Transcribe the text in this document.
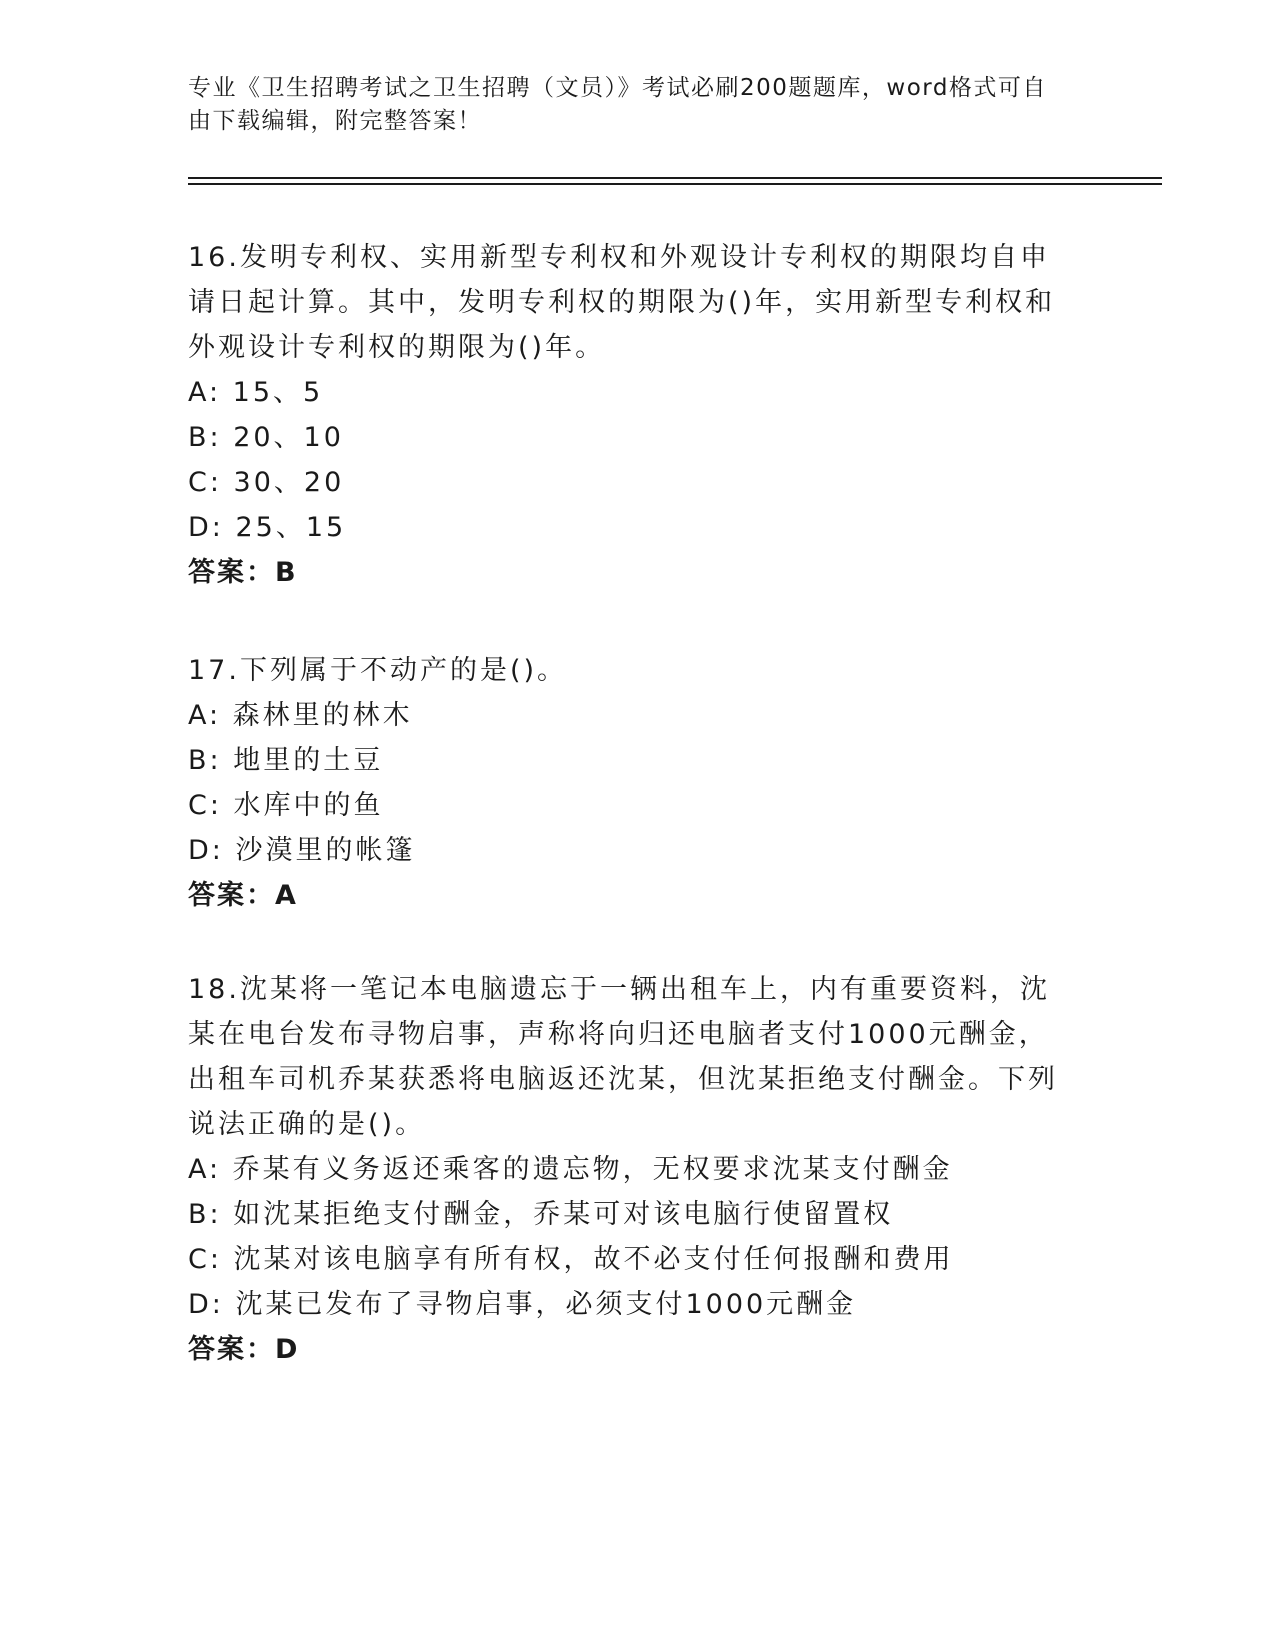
专业《卫生招聘考试之卫生招聘（文员）》考试必刷200题题库，word格式可自
由下载编辑，附完整答案！

16.发明专利权、实用新型专利权和外观设计专利权的期限均自申请日起计算。其中，发明专利权的期限为()年，实用新型专利权和外观设计专利权的期限为()年。

A: 15、5

B: 20、10

C: 30、20

D: 25、15

答案：B

17.下列属于不动产的是()。

A: 森林里的林木

B: 地里的土豆

C: 水库中的鱼

D: 沙漠里的帐篷

答案：A

18.沈某将一笔记本电脑遗忘于一辆出租车上，内有重要资料，沈某在电台发布寻物启事，声称将向归还电脑者支付1000元酬金，出租车司机乔某获悉将电脑返还沈某，但沈某拒绝支付酬金。下列说法正确的是()。

A: 乔某有义务返还乘客的遗忘物，无权要求沈某支付酬金

B: 如沈某拒绝支付酬金，乔某可对该电脑行使留置权

C: 沈某对该电脑享有所有权，故不必支付任何报酬和费用

D: 沈某已发布了寻物启事，必须支付1000元酬金

答案：D
